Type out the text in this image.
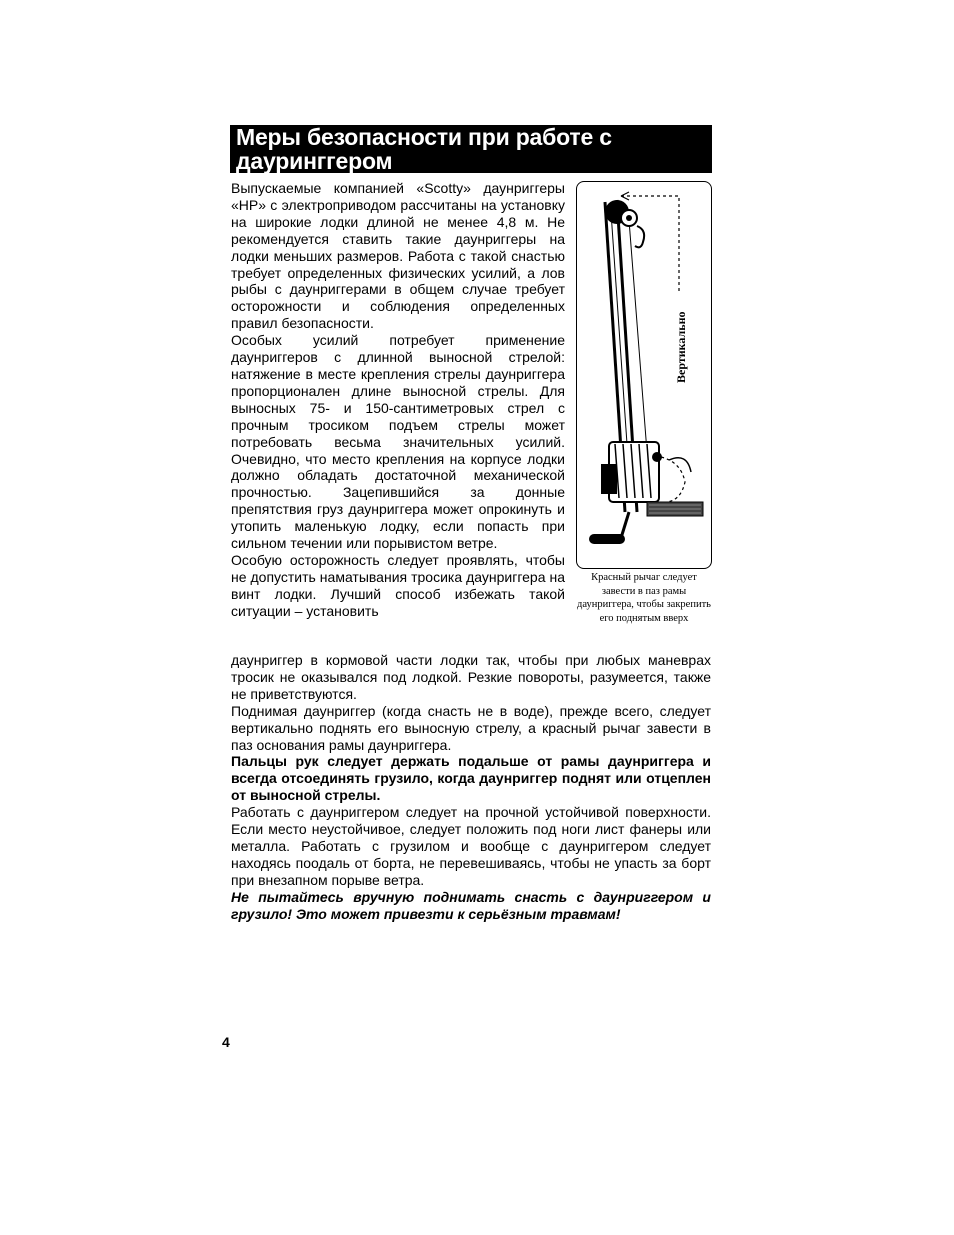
Меры безопасности при работе с дауринггером

Выпускаемые компанией «Scotty» даунриггеры «HP» с электроприводом рассчитаны на установку на широкие лодки длиной не менее 4,8 м. Не рекомендуется ставить такие даунриггеры на лодки меньших размеров. Работа с такой снастью требует определенных физических усилий, а лов рыбы с даунриггерами в общем случае требует осторожности и соблюдения определенных правил безопасности.

Особых усилий потребует применение даунриггеров с длинной выносной стрелой: натяжение в месте крепления стрелы даунриггера пропорционален длине выносной стрелы. Для выносных 75- и 150-сантиметровых стрел с прочным тросиком подъем стрелы может потребовать весьма значительных усилий. Очевидно, что место крепления на корпусе лодки должно обладать достаточной механической прочностью. Зацепившийся за донные препятствия груз даунриггера может опрокинуть и утопить маленькую лодку, если попасть при сильном течении или порывистом ветре.

Особую осторожность следует проявлять, чтобы не допустить наматывания тросика даунриггера на винт лодки. Лучший способ избежать такой ситуации – установить

Вертикально
Красный рычаг следует завести в паз рамы даунриггера, чтобы закрепить его поднятым вверх

даунриггер в кормовой части лодки так, чтобы при любых маневрах тросик не оказывался под лодкой. Резкие повороты, разумеется, также не приветствуются.

Поднимая даунриггер (когда снасть не в воде), прежде всего, следует вертикально поднять его выносную стрелу, а красный рычаг завести в паз основания рамы даунриггера.

Пальцы рук следует держать подальше от рамы даунриггера и всегда отсоединять грузило, когда даунриггер поднят или отцеплен от выносной стрелы.

Работать с даунриггером следует на прочной устойчивой поверхности. Если место неустойчивое, следует положить под ноги лист фанеры или металла. Работать с грузилом и вообще с даунриггером следует находясь поодаль от борта, не перевешиваясь, чтобы не упасть за борт при внезапном порыве ветра.

Не пытайтесь вручную поднимать снасть с даунриггером и грузило! Это может привезти к серьёзным травмам!

4
